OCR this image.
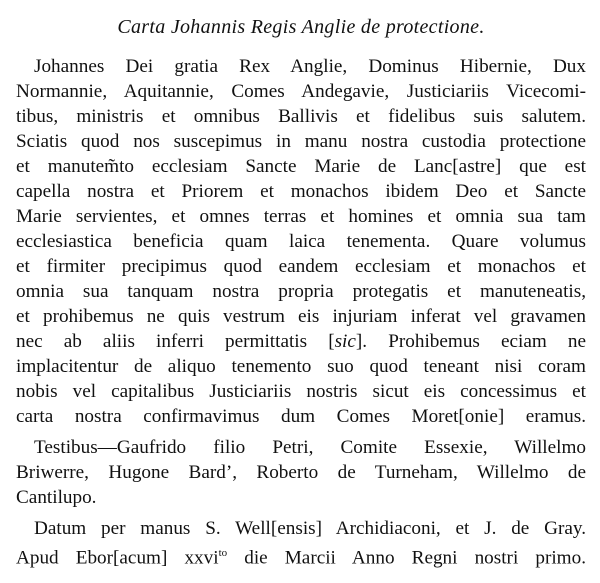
Carta Johannis Regis Anglie de protectione.
Johannes Dei gratia Rex Anglie, Dominus Hibernie, Dux
Normannie, Aquitannie, Comes Andegavie, Justiciariis Vicecomi-
tibus, ministris et omnibus Ballivis et fidelibus suis salutem.
Sciatis quod nos suscepimus in manu nostra custodia protectione
et manutem̃to ecclesiam Sancte Marie de Lanc[astre] que est
capella nostra et Priorem et monachos ibidem Deo et Sancte
Marie servientes, et omnes terras et homines et omnia sua tam
ecclesiastica beneficia quam laica tenementa. Quare volumus
et firmiter precipimus quod eandem ecclesiam et monachos et
omnia sua tanquam nostra propria protegatis et manuteneatis,
et prohibemus ne quis vestrum eis injuriam inferat vel gravamen
nec ab aliis inferri permittatis [sic]. Prohibemus eciam ne
implacitentur de aliquo tenemento suo quod teneant nisi coram
nobis vel capitalibus Justiciariis nostris sicut eis concessimus et
carta nostra confirmavimus dum Comes Moret[onie] eramus.
Testibus—Gaufrido filio Petri, Comite Essexie, Willelmo
Briwerre, Hugone Bard’, Roberto de Turneham, Willelmo de
Cantilupo.
Datum per manus S. Well[ensis] Archidiaconi, et J. de Gray.
Apud Ebor[acum] xxvi$^{to}$ die Marcii Anno Regni nostri primo.
